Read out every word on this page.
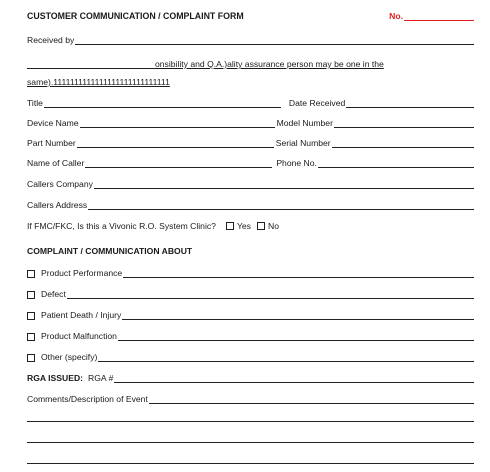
CUSTOMER COMMUNICATION / COMPLAINT FORM	No.
Received by
onsibility and Q.A.)ality assurance person may be one in the
same).1111111111111111111111111111
Title	Date Received
Device Name	Model Number
Part Number	Serial Number
Name of Caller	Phone No.
Callers Company
Callers Address
If FMC/FKC, Is this a Vivonic R.O. System Clinic? Yes No
COMPLAINT / COMMUNICATION ABOUT
Product Performance
Defect
Patient Death / Injury
Product Malfunction
Other (specify)
RGA ISSUED: RGA #
Comments/Description of Event
